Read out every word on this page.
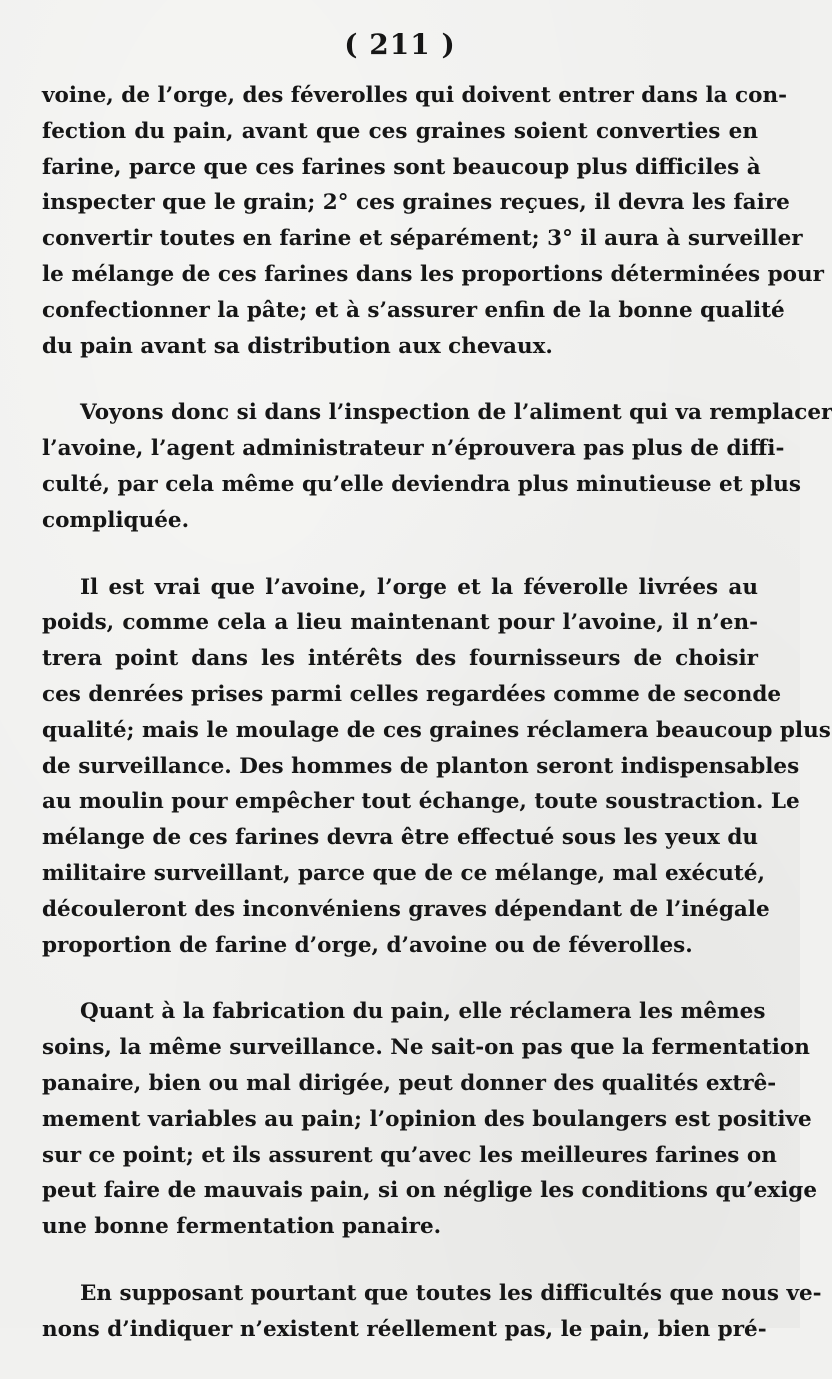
( 211 )
voine, de l’orge, des féverolles qui doivent entrer dans la con-
fection du pain, avant que ces graines soient converties en
farine, parce que ces farines sont beaucoup plus difficiles à
inspecter que le grain; 2° ces graines reçues, il devra les faire
convertir toutes en farine et séparément; 3° il aura à surveiller
le mélange de ces farines dans les proportions déterminées pour
confectionner la pâte; et à s’assurer enfin de la bonne qualité
du pain avant sa distribution aux chevaux.
Voyons donc si dans l’inspection de l’aliment qui va remplacer
l’avoine, l’agent administrateur n’éprouvera pas plus de diffi-
culté, par cela même qu’elle deviendra plus minutieuse et plus
compliquée.
Il est vrai que l’avoine, l’orge et la féverolle livrées au
poids, comme cela a lieu maintenant pour l’avoine, il n’en-
trera point dans les intérêts des fournisseurs de choisir
ces denrées prises parmi celles regardées comme de seconde
qualité; mais le moulage de ces graines réclamera beaucoup plus
de surveillance. Des hommes de planton seront indispensables
au moulin pour empêcher tout échange, toute soustraction. Le
mélange de ces farines devra être effectué sous les yeux du
militaire surveillant, parce que de ce mélange, mal exécuté,
découleront des inconvéniens graves dépendant de l’inégale
proportion de farine d’orge, d’avoine ou de féverolles.
Quant à la fabrication du pain, elle réclamera les mêmes
soins, la même surveillance. Ne sait-on pas que la fermentation
panaire, bien ou mal dirigée, peut donner des qualités extrê-
mement variables au pain; l’opinion des boulangers est positive
sur ce point; et ils assurent qu’avec les meilleures farines on
peut faire de mauvais pain, si on néglige les conditions qu’exige
une bonne fermentation panaire.
En supposant pourtant que toutes les difficultés que nous ve-
nons d’indiquer n’existent réellement pas, le pain, bien pré-
